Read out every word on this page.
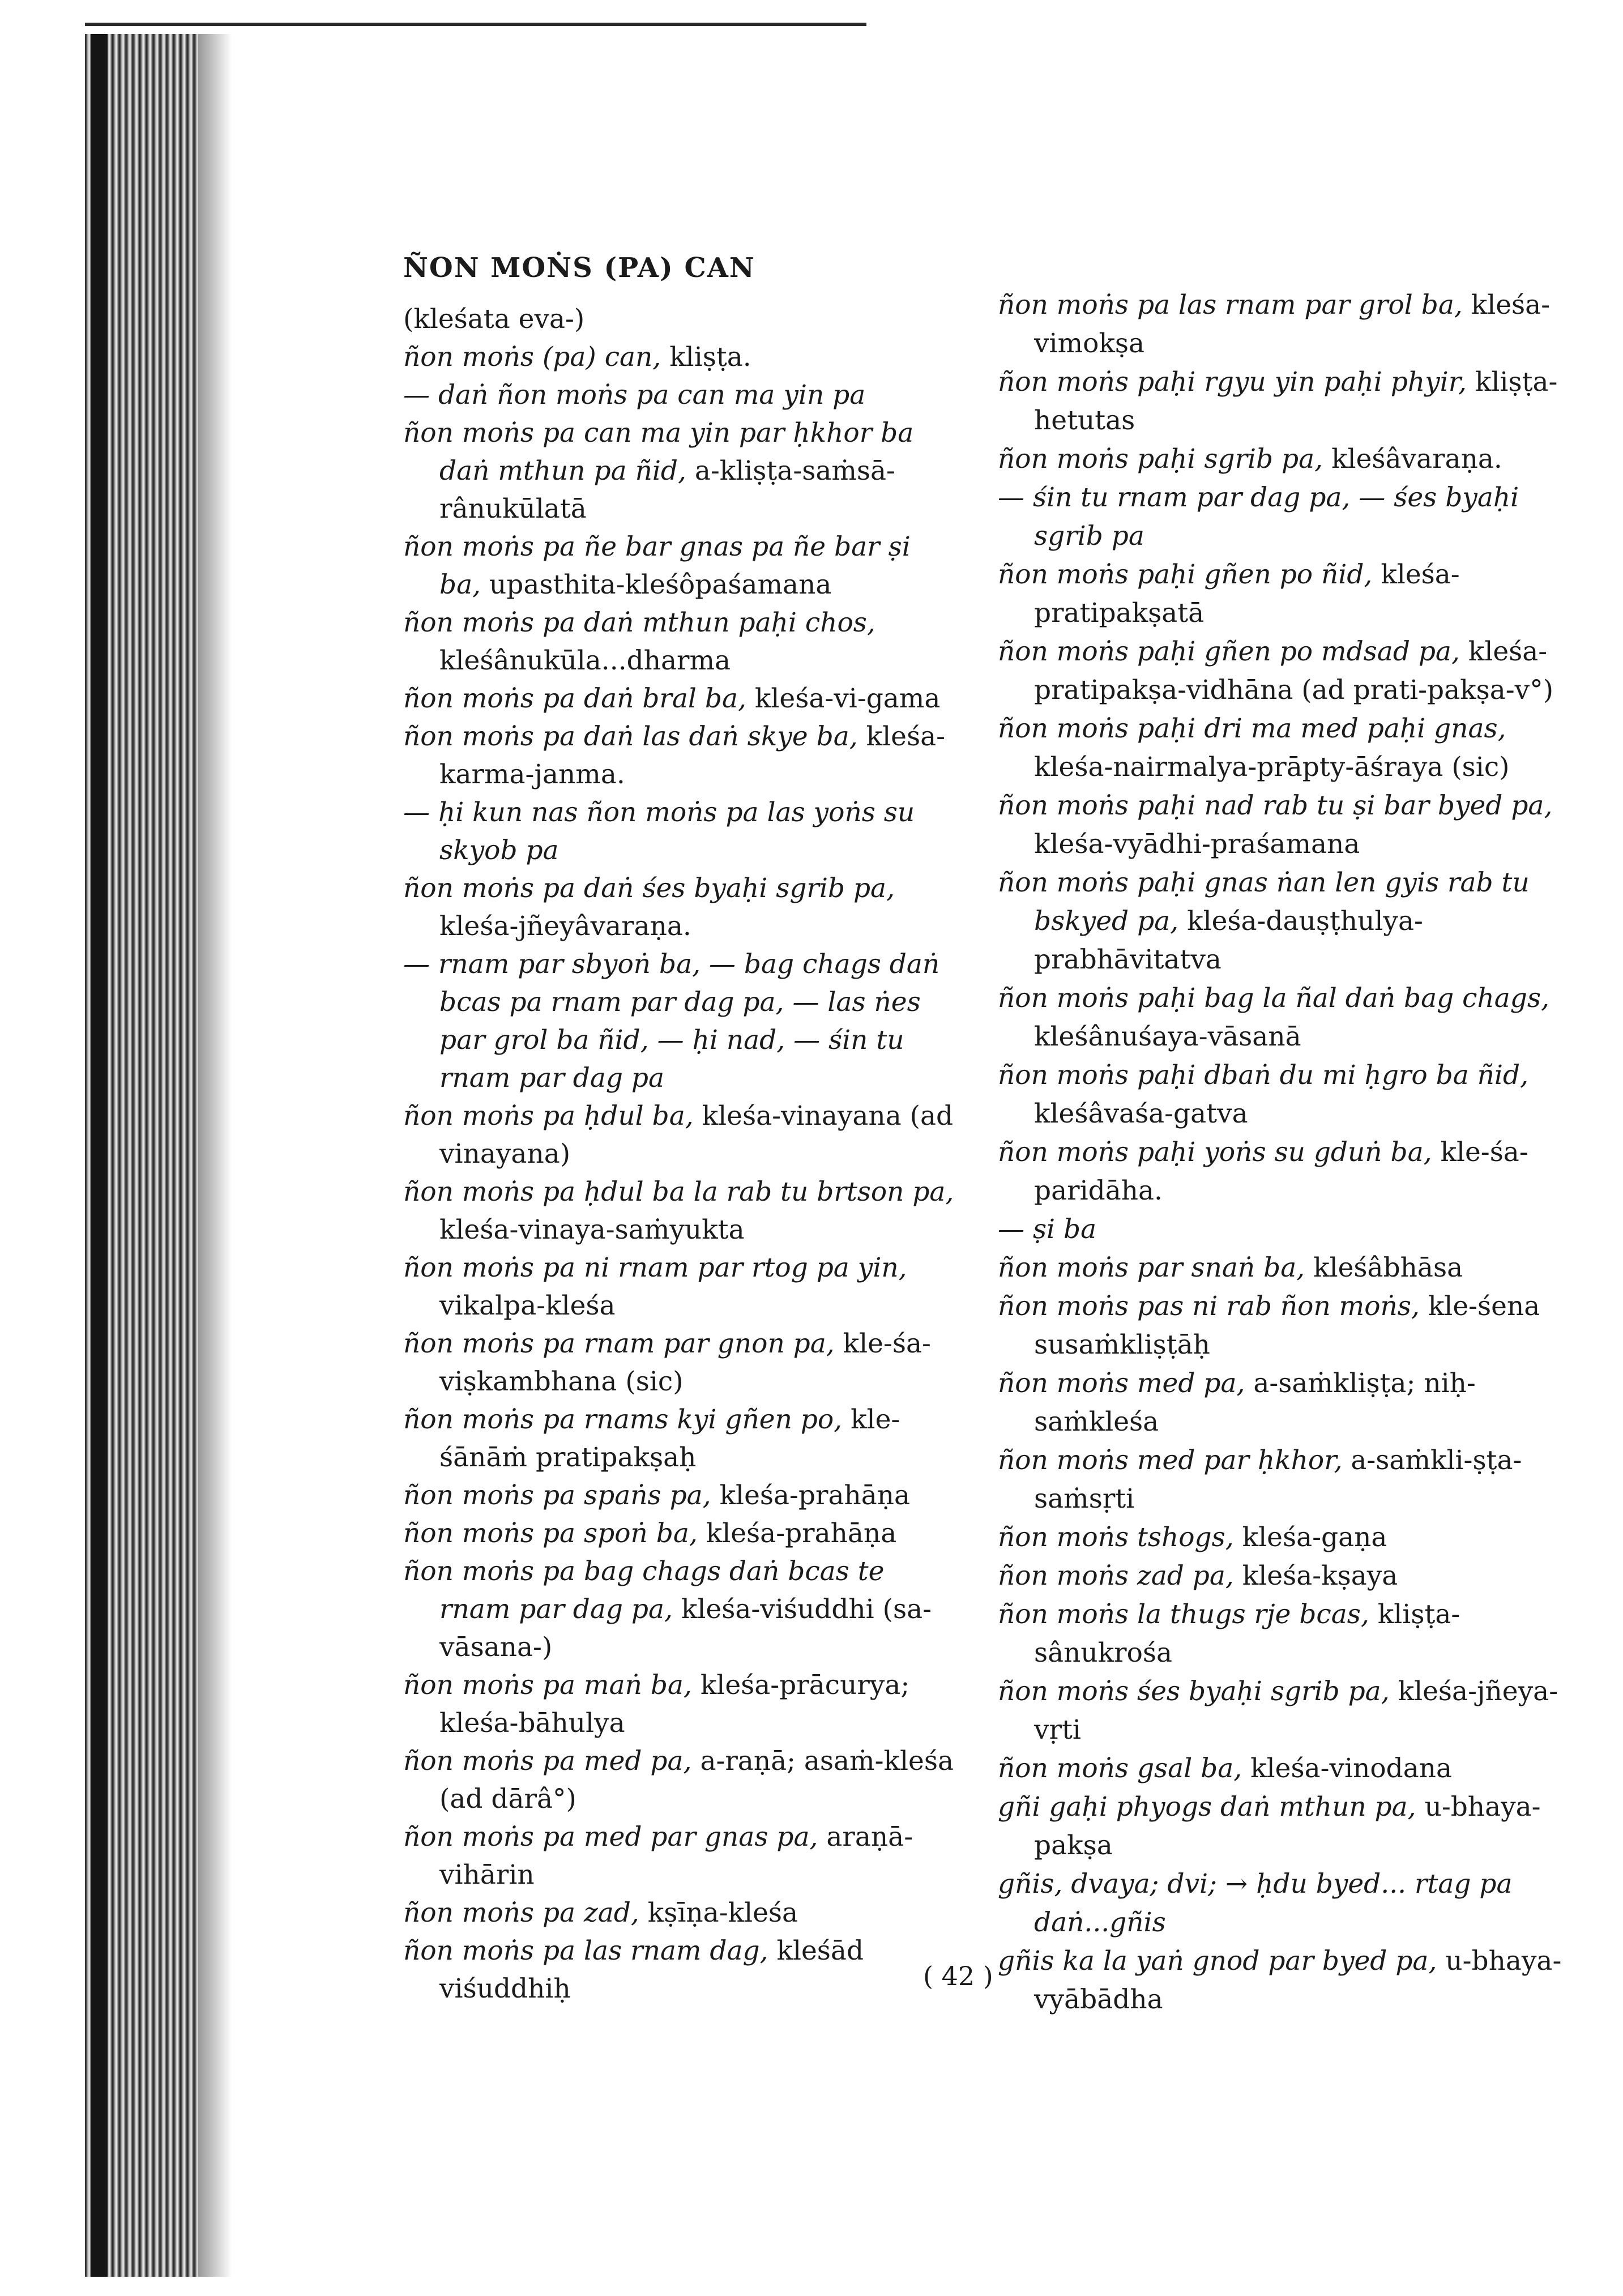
ÑON MOṄS (PA) CAN

(kleśata eva-)

ñon moṅs (pa) can, kliṣṭa.

— daṅ ñon moṅs pa can ma yin pa

ñon moṅs pa can ma yin par ḥkhor ba daṅ mthun pa ñid, a-kliṣṭa-saṁsā-rânukūlatā

ñon moṅs pa ñe bar gnas pa ñe bar ṣi ba, upasthita-kleśôpaśamana

ñon moṅs pa daṅ mthun paḥi chos, kleśânukūla...dharma

ñon moṅs pa daṅ bral ba, kleśa-vi-gama

ñon moṅs pa daṅ las daṅ skye ba, kleśa-karma-janma.

— ḥi kun nas ñon moṅs pa las yoṅs su skyob pa

ñon moṅs pa daṅ śes byaḥi sgrib pa, kleśa-jñeyâvaraṇa.

— rnam par sbyoṅ ba, — bag chags daṅ bcas pa rnam par dag pa, — las ṅes par grol ba ñid, — ḥi nad, — śin tu rnam par dag pa

ñon moṅs pa ḥdul ba, kleśa-vinayana (ad vinayana)

ñon moṅs pa ḥdul ba la rab tu brtson pa, kleśa-vinaya-saṁyukta

ñon moṅs pa ni rnam par rtog pa yin, vikalpa-kleśa

ñon moṅs pa rnam par gnon pa, kle-śa-viṣkambhana (sic)

ñon moṅs pa rnams kyi gñen po, kle-śānāṁ pratipakṣaḥ

ñon moṅs pa spaṅs pa, kleśa-prahāṇa

ñon moṅs pa spoṅ ba, kleśa-prahāṇa

ñon moṅs pa bag chags daṅ bcas te rnam par dag pa, kleśa-viśuddhi (sa-vāsana-)

ñon moṅs pa maṅ ba, kleśa-prācurya; kleśa-bāhulya

ñon moṅs pa med pa, a-raṇā; asaṁ-kleśa (ad dārâ°)

ñon moṅs pa med par gnas pa, araṇā-vihārin

ñon moṅs pa zad, kṣīṇa-kleśa

ñon moṅs pa las rnam dag, kleśād viśuddhiḥ

ñon moṅs pa las rnam par grol ba, kleśa-vimokṣa

ñon moṅs paḥi rgyu yin paḥi phyir, kliṣṭa-hetutas

ñon moṅs paḥi sgrib pa, kleśâvaraṇa.

— śin tu rnam par dag pa, — śes byaḥi sgrib pa

ñon moṅs paḥi gñen po ñid, kleśa-pratipakṣatā

ñon moṅs paḥi gñen po mdsad pa, kleśa-pratipakṣa-vidhāna (ad prati-pakṣa-v°)

ñon moṅs paḥi dri ma med paḥi gnas, kleśa-nairmalya-prāpty-āśraya (sic)

ñon moṅs paḥi nad rab tu ṣi bar byed pa, kleśa-vyādhi-praśamana

ñon moṅs paḥi gnas ṅan len gyis rab tu bskyed pa, kleśa-dauṣṭhulya-prabhāvitatva

ñon moṅs paḥi bag la ñal daṅ bag chags, kleśânuśaya-vāsanā

ñon moṅs paḥi dbaṅ du mi ḥgro ba ñid, kleśâvaśa-gatva

ñon moṅs paḥi yoṅs su gduṅ ba, kle-śa-paridāha.

— ṣi ba

ñon moṅs par snaṅ ba, kleśâbhāsa

ñon moṅs pas ni rab ñon moṅs, kle-śena susaṁkliṣṭāḥ

ñon moṅs med pa, a-saṁkliṣṭa; niḥ-saṁkleśa

ñon moṅs med par ḥkhor, a-saṁkli-ṣṭa-saṁsṛti

ñon moṅs tshogs, kleśa-gaṇa

ñon moṅs zad pa, kleśa-kṣaya

ñon moṅs la thugs rje bcas, kliṣṭa-sânukrośa

ñon moṅs śes byaḥi sgrib pa, kleśa-jñeya-vṛti

ñon moṅs gsal ba, kleśa-vinodana

gñi gaḥi phyogs daṅ mthun pa, u-bhaya-pakṣa

gñis, dvaya; dvi; → ḥdu byed... rtag pa daṅ...gñis

gñis ka la yaṅ gnod par byed pa, u-bhaya-vyābādha

( 42 )
